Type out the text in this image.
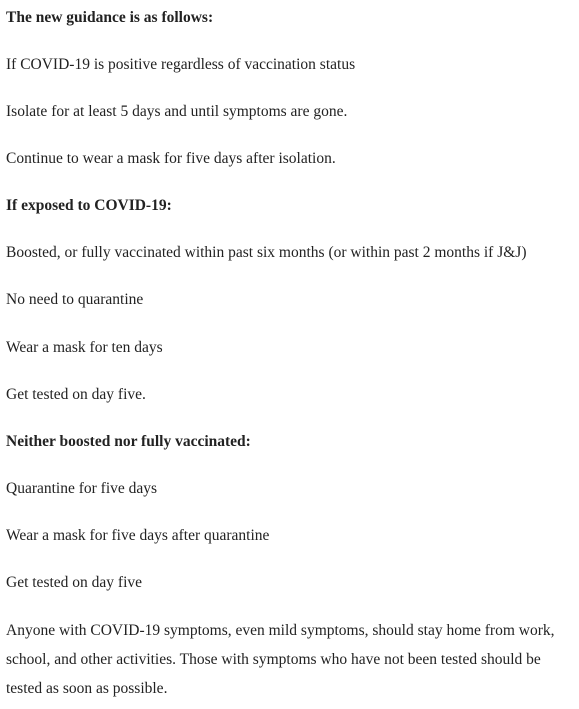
The new guidance is as follows:
If COVID-19 is positive regardless of vaccination status
Isolate for at least 5 days and until symptoms are gone.
Continue to wear a mask for five days after isolation.
If exposed to COVID-19:
Boosted, or fully vaccinated within past six months (or within past 2 months if J&J)
No need to quarantine
Wear a mask for ten days
Get tested on day five.
Neither boosted nor fully vaccinated:
Quarantine for five days
Wear a mask for five days after quarantine
Get tested on day five
Anyone with COVID-19 symptoms, even mild symptoms, should stay home from work, school, and other activities. Those with symptoms who have not been tested should be tested as soon as possible.
